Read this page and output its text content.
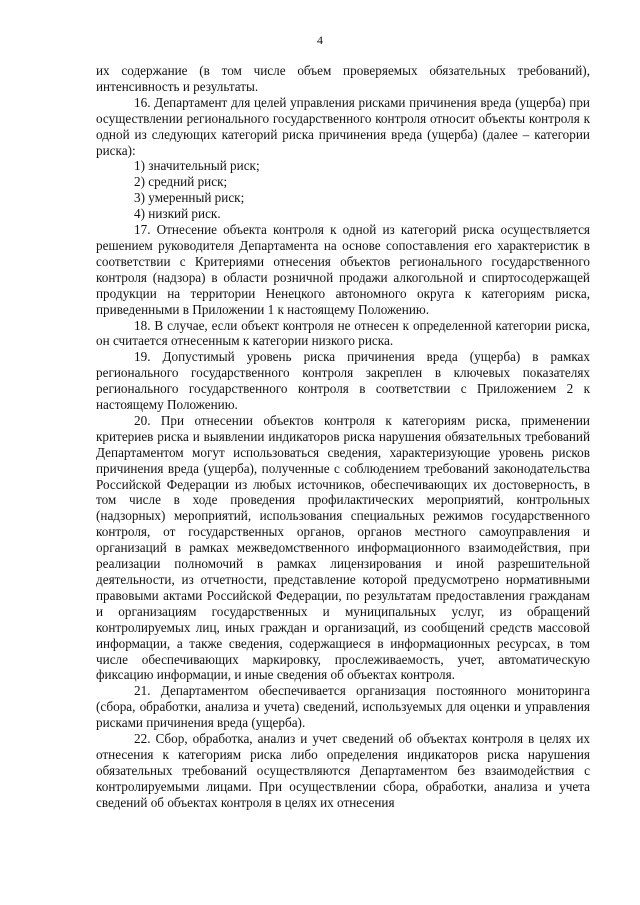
4

их содержание (в том числе объем проверяемых обязательных требований), интенсивность и результаты.

16. Департамент для целей управления рисками причинения вреда (ущерба) при осуществлении регионального государственного контроля относит объекты контроля к одной из следующих категорий риска причинения вреда (ущерба) (далее – категории риска):

1) значительный риск;
2) средний риск;
3) умеренный риск;
4) низкий риск.

17. Отнесение объекта контроля к одной из категорий риска осуществляется решением руководителя Департамента на основе сопоставления его характеристик в соответствии с Критериями отнесения объектов регионального государственного контроля (надзора) в области розничной продажи алкогольной и спиртосодержащей продукции на территории Ненецкого автономного округа к категориям риска, приведенными в Приложении 1 к настоящему Положению.

18. В случае, если объект контроля не отнесен к определенной категории риска, он считается отнесенным к категории низкого риска.

19. Допустимый уровень риска причинения вреда (ущерба) в рамках регионального государственного контроля закреплен в ключевых показателях регионального государственного контроля в соответствии с Приложением 2 к настоящему Положению.

20. При отнесении объектов контроля к категориям риска, применении критериев риска и выявлении индикаторов риска нарушения обязательных требований Департаментом могут использоваться сведения, характеризующие уровень рисков причинения вреда (ущерба), полученные с соблюдением требований законодательства Российской Федерации из любых источников, обеспечивающих их достоверность, в том числе в ходе проведения профилактических мероприятий, контрольных (надзорных) мероприятий, использования специальных режимов государственного контроля, от государственных органов, органов местного самоуправления и организаций в рамках межведомственного информационного взаимодействия, при реализации полномочий в рамках лицензирования и иной разрешительной деятельности, из отчетности, представление которой предусмотрено нормативными правовыми актами Российской Федерации, по результатам предоставления гражданам и организациям государственных и муниципальных услуг, из обращений контролируемых лиц, иных граждан и организаций, из сообщений средств массовой информации, а также сведения, содержащиеся в информационных ресурсах, в том числе обеспечивающих маркировку, прослеживаемость, учет, автоматическую фиксацию информации, и иные сведения об объектах контроля.

21. Департаментом обеспечивается организация постоянного мониторинга (сбора, обработки, анализа и учета) сведений, используемых для оценки и управления рисками причинения вреда (ущерба).

22. Сбор, обработка, анализ и учет сведений об объектах контроля в целях их отнесения к категориям риска либо определения индикаторов риска нарушения обязательных требований осуществляются Департаментом без взаимодействия с контролируемыми лицами. При осуществлении сбора, обработки, анализа и учета сведений об объектах контроля в целях их отнесения
